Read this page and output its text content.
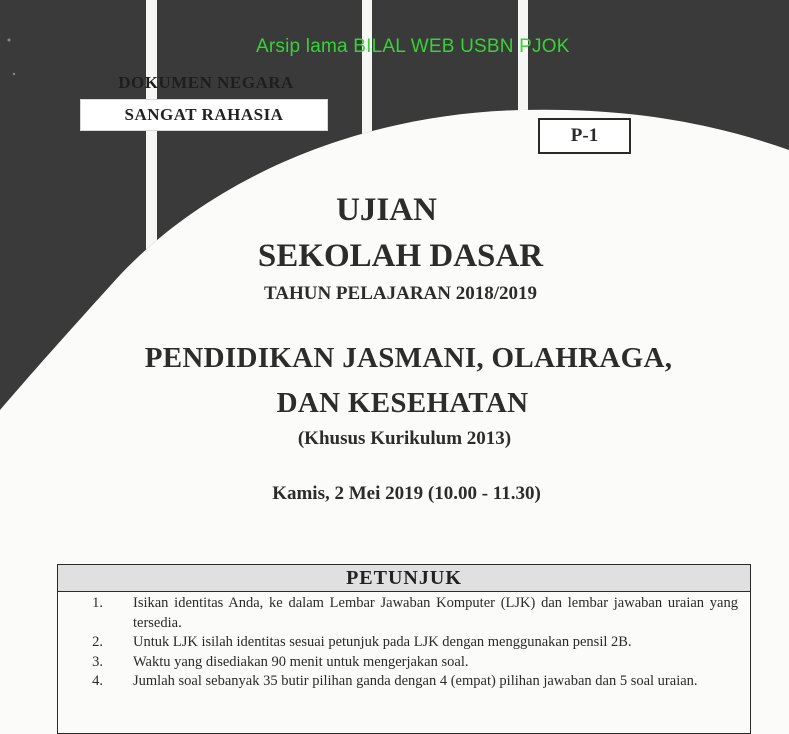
Arsip lama BILAL WEB USBN PJOK
DOKUMEN NEGARA
SANGAT RAHASIA
P-1
UJIAN
SEKOLAH DASAR
TAHUN PELAJARAN 2018/2019
PENDIDIKAN JASMANI, OLAHRAGA,
DAN KESEHATAN
(Khusus Kurikulum 2013)
Kamis, 2 Mei 2019 (10.00 - 11.30)
PETUNJUK
1.	Isikan identitas Anda, ke dalam Lembar Jawaban Komputer (LJK) dan lembar jawaban uraian yang tersedia.
2.	Untuk LJK isilah identitas sesuai petunjuk pada LJK dengan menggunakan pensil 2B.
3.	Waktu yang disediakan 90 menit untuk mengerjakan soal.
4.	Jumlah soal sebanyak 35 butir pilihan ganda dengan 4 (empat) pilihan jawaban dan 5 soal uraian.
